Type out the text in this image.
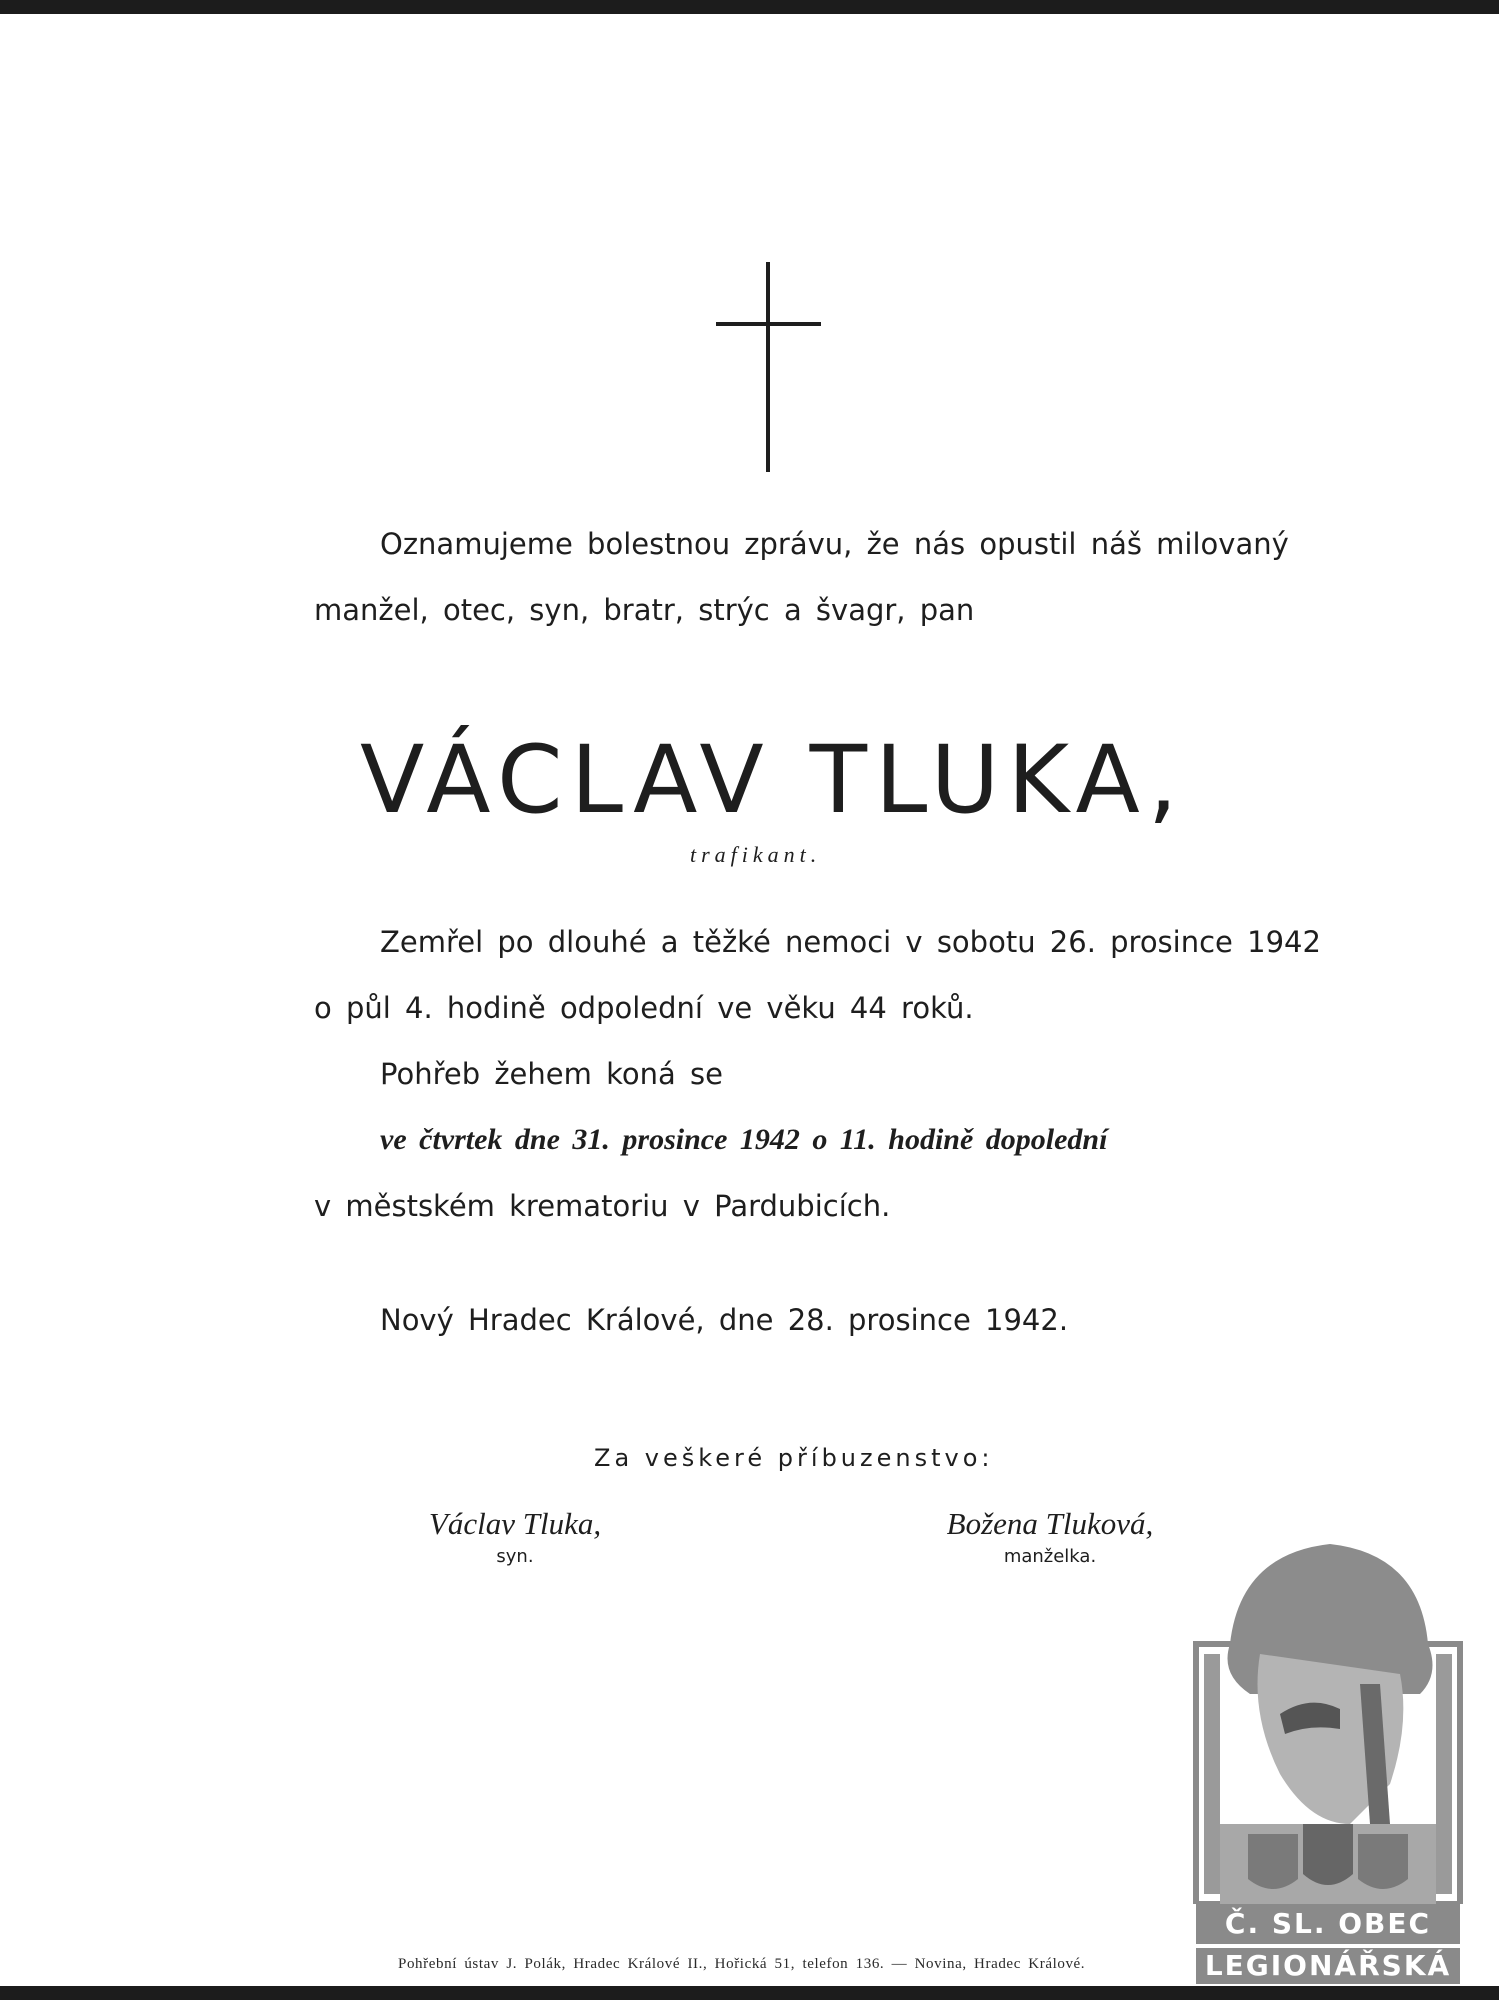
Oznamujeme bolestnou zprávu, že nás opustil náš milovaný

manžel, otec, syn, bratr, strýc a švagr, pan

VÁCLAV TLUKA,
trafikant.

Zemřel po dlouhé a těžké nemoci v sobotu 26. prosince 1942

o půl 4. hodině odpolední ve věku 44 roků.

Pohřeb žehem koná se

ve čtvrtek dne 31. prosince 1942 o 11. hodině dopolední

v městském krematoriu v Pardubicích.

Nový Hradec Králové, dne 28. prosince 1942.

Za veškeré příbuzenstvo:
Václav Tluka,
syn.
Božena Tluková,
manželka.
Pohřební ústav J. Polák, Hradec Králové II., Hořická 51, telefon 136. — Novina, Hradec Králové.
Č. SL. OBEC
LEGIONÁŘSKÁ
